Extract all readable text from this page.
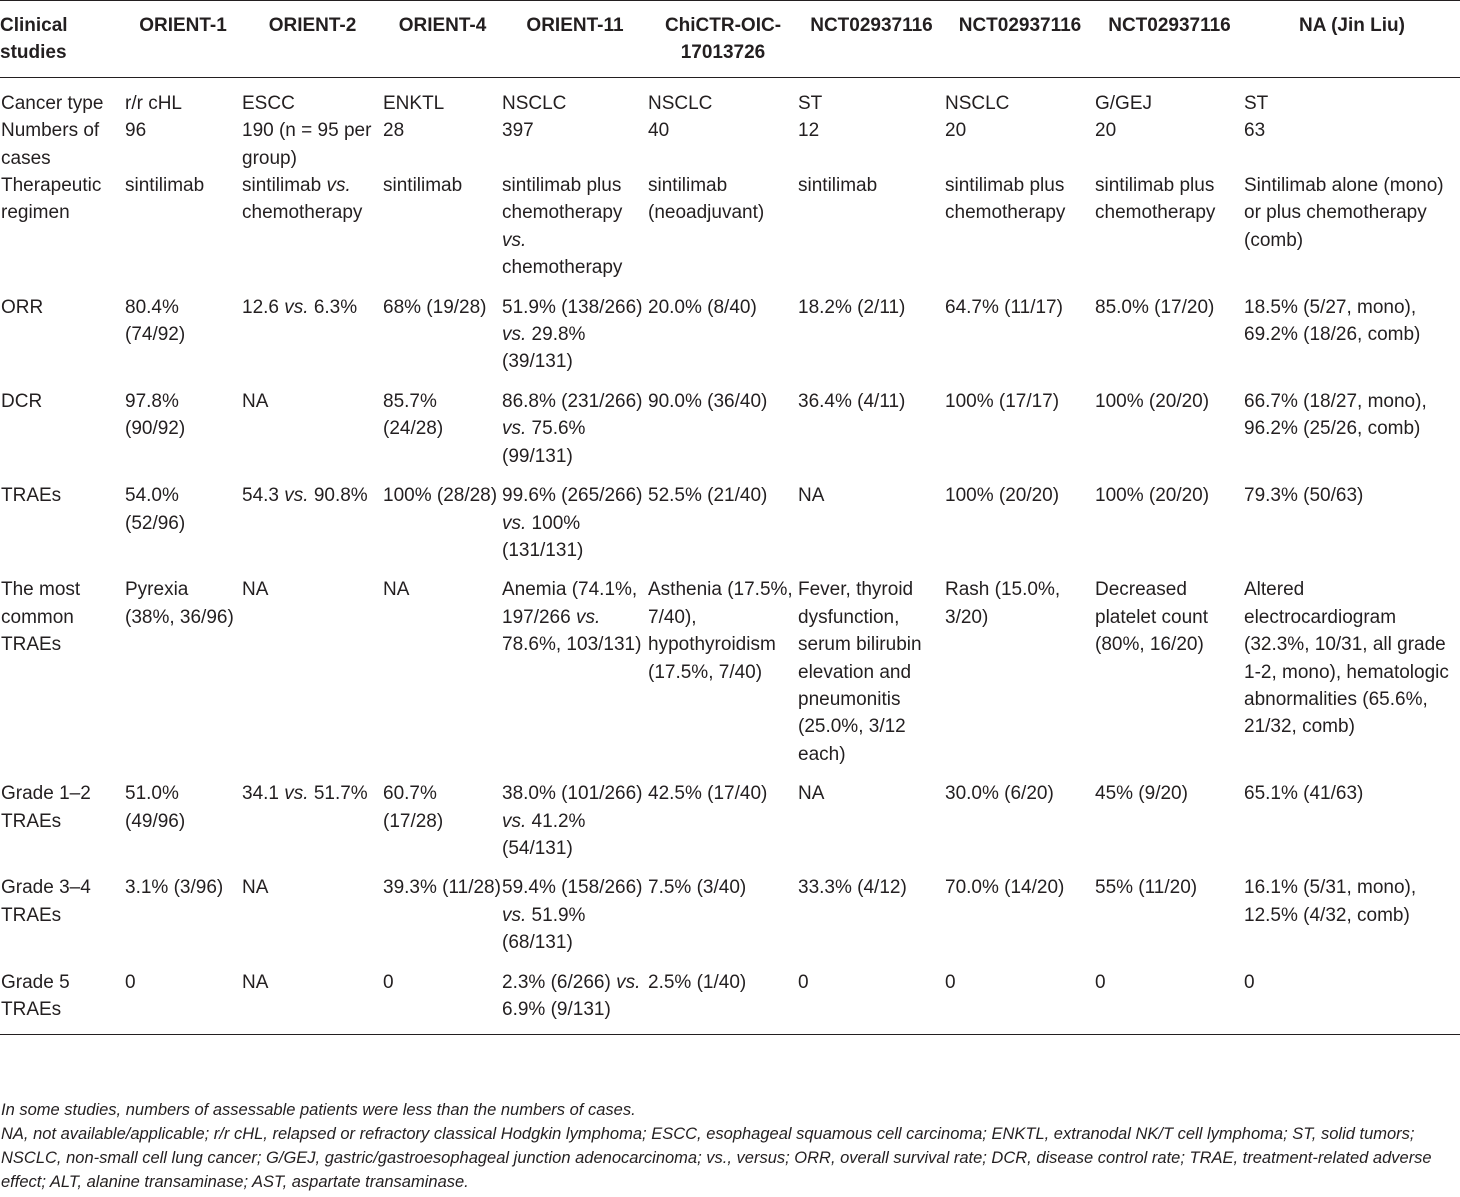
Clinical studies	ORIENT-1	ORIENT-2	ORIENT-4	ORIENT-11	ChiCTR-OIC-17013726	NCT02937116	NCT02937116	NCT02937116	NA (Jin Liu)
Cancer type	r/r cHL	ESCC	ENKTL	NSCLC	NSCLC	ST	NSCLC	G/GEJ	ST
Numbers of cases	96	190 (n = 95 per group)	28	397	40	12	20	20	63
Therapeutic regimen	sintilimab	sintilimab vs. chemotherapy	sintilimab	sintilimab plus chemotherapy vs. chemotherapy	sintilimab (neoadjuvant)	sintilimab	sintilimab plus chemotherapy	sintilimab plus chemotherapy	Sintilimab alone (mono) or plus chemotherapy (comb)
ORR	80.4% (74/92)	12.6 vs. 6.3%	68% (19/28)	51.9% (138/266) vs. 29.8% (39/131)	20.0% (8/40)	18.2% (2/11)	64.7% (11/17)	85.0% (17/20)	18.5% (5/27, mono), 69.2% (18/26, comb)
DCR	97.8% (90/92)	NA	85.7% (24/28)	86.8% (231/266) vs. 75.6% (99/131)	90.0% (36/40)	36.4% (4/11)	100% (17/17)	100% (20/20)	66.7% (18/27, mono), 96.2% (25/26, comb)
TRAEs	54.0% (52/96)	54.3 vs. 90.8%	100% (28/28)	99.6% (265/266) vs. 100% (131/131)	52.5% (21/40)	NA	100% (20/20)	100% (20/20)	79.3% (50/63)
The most common TRAEs	Pyrexia (38%, 36/96)	NA	NA	Anemia (74.1%, 197/266 vs. 78.6%, 103/131)	Asthenia (17.5%, 7/40), hypothyroidism (17.5%, 7/40)	Fever, thyroid dysfunction, serum bilirubin elevation and pneumonitis (25.0%, 3/12 each)	Rash (15.0%, 3/20)	Decreased platelet count (80%, 16/20)	Altered electrocardiogram (32.3%, 10/31, all grade 1-2, mono), hematologic abnormalities (65.6%, 21/32, comb)
Grade 1–2 TRAEs	51.0% (49/96)	34.1 vs. 51.7%	60.7% (17/28)	38.0% (101/266) vs. 41.2% (54/131)	42.5% (17/40)	NA	30.0% (6/20)	45% (9/20)	65.1% (41/63)
Grade 3–4 TRAEs	3.1% (3/96)	NA	39.3% (11/28)	59.4% (158/266) vs. 51.9% (68/131)	7.5% (3/40)	33.3% (4/12)	70.0% (14/20)	55% (11/20)	16.1% (5/31, mono), 12.5% (4/32, comb)
Grade 5 TRAEs	0	NA	0	2.3% (6/266) vs. 6.9% (9/131)	2.5% (1/40)	0	0	0	0

In some studies, numbers of assessable patients were less than the numbers of cases.

NA, not available/applicable; r/r cHL, relapsed or refractory classical Hodgkin lymphoma; ESCC, esophageal squamous cell carcinoma; ENKTL, extranodal NK/T cell lymphoma; ST, solid tumors; NSCLC, non-small cell lung cancer; G/GEJ, gastric/gastroesophageal junction adenocarcinoma; vs., versus; ORR, overall survival rate; DCR, disease control rate; TRAE, treatment-related adverse effect; ALT, alanine transaminase; AST, aspartate transaminase.
